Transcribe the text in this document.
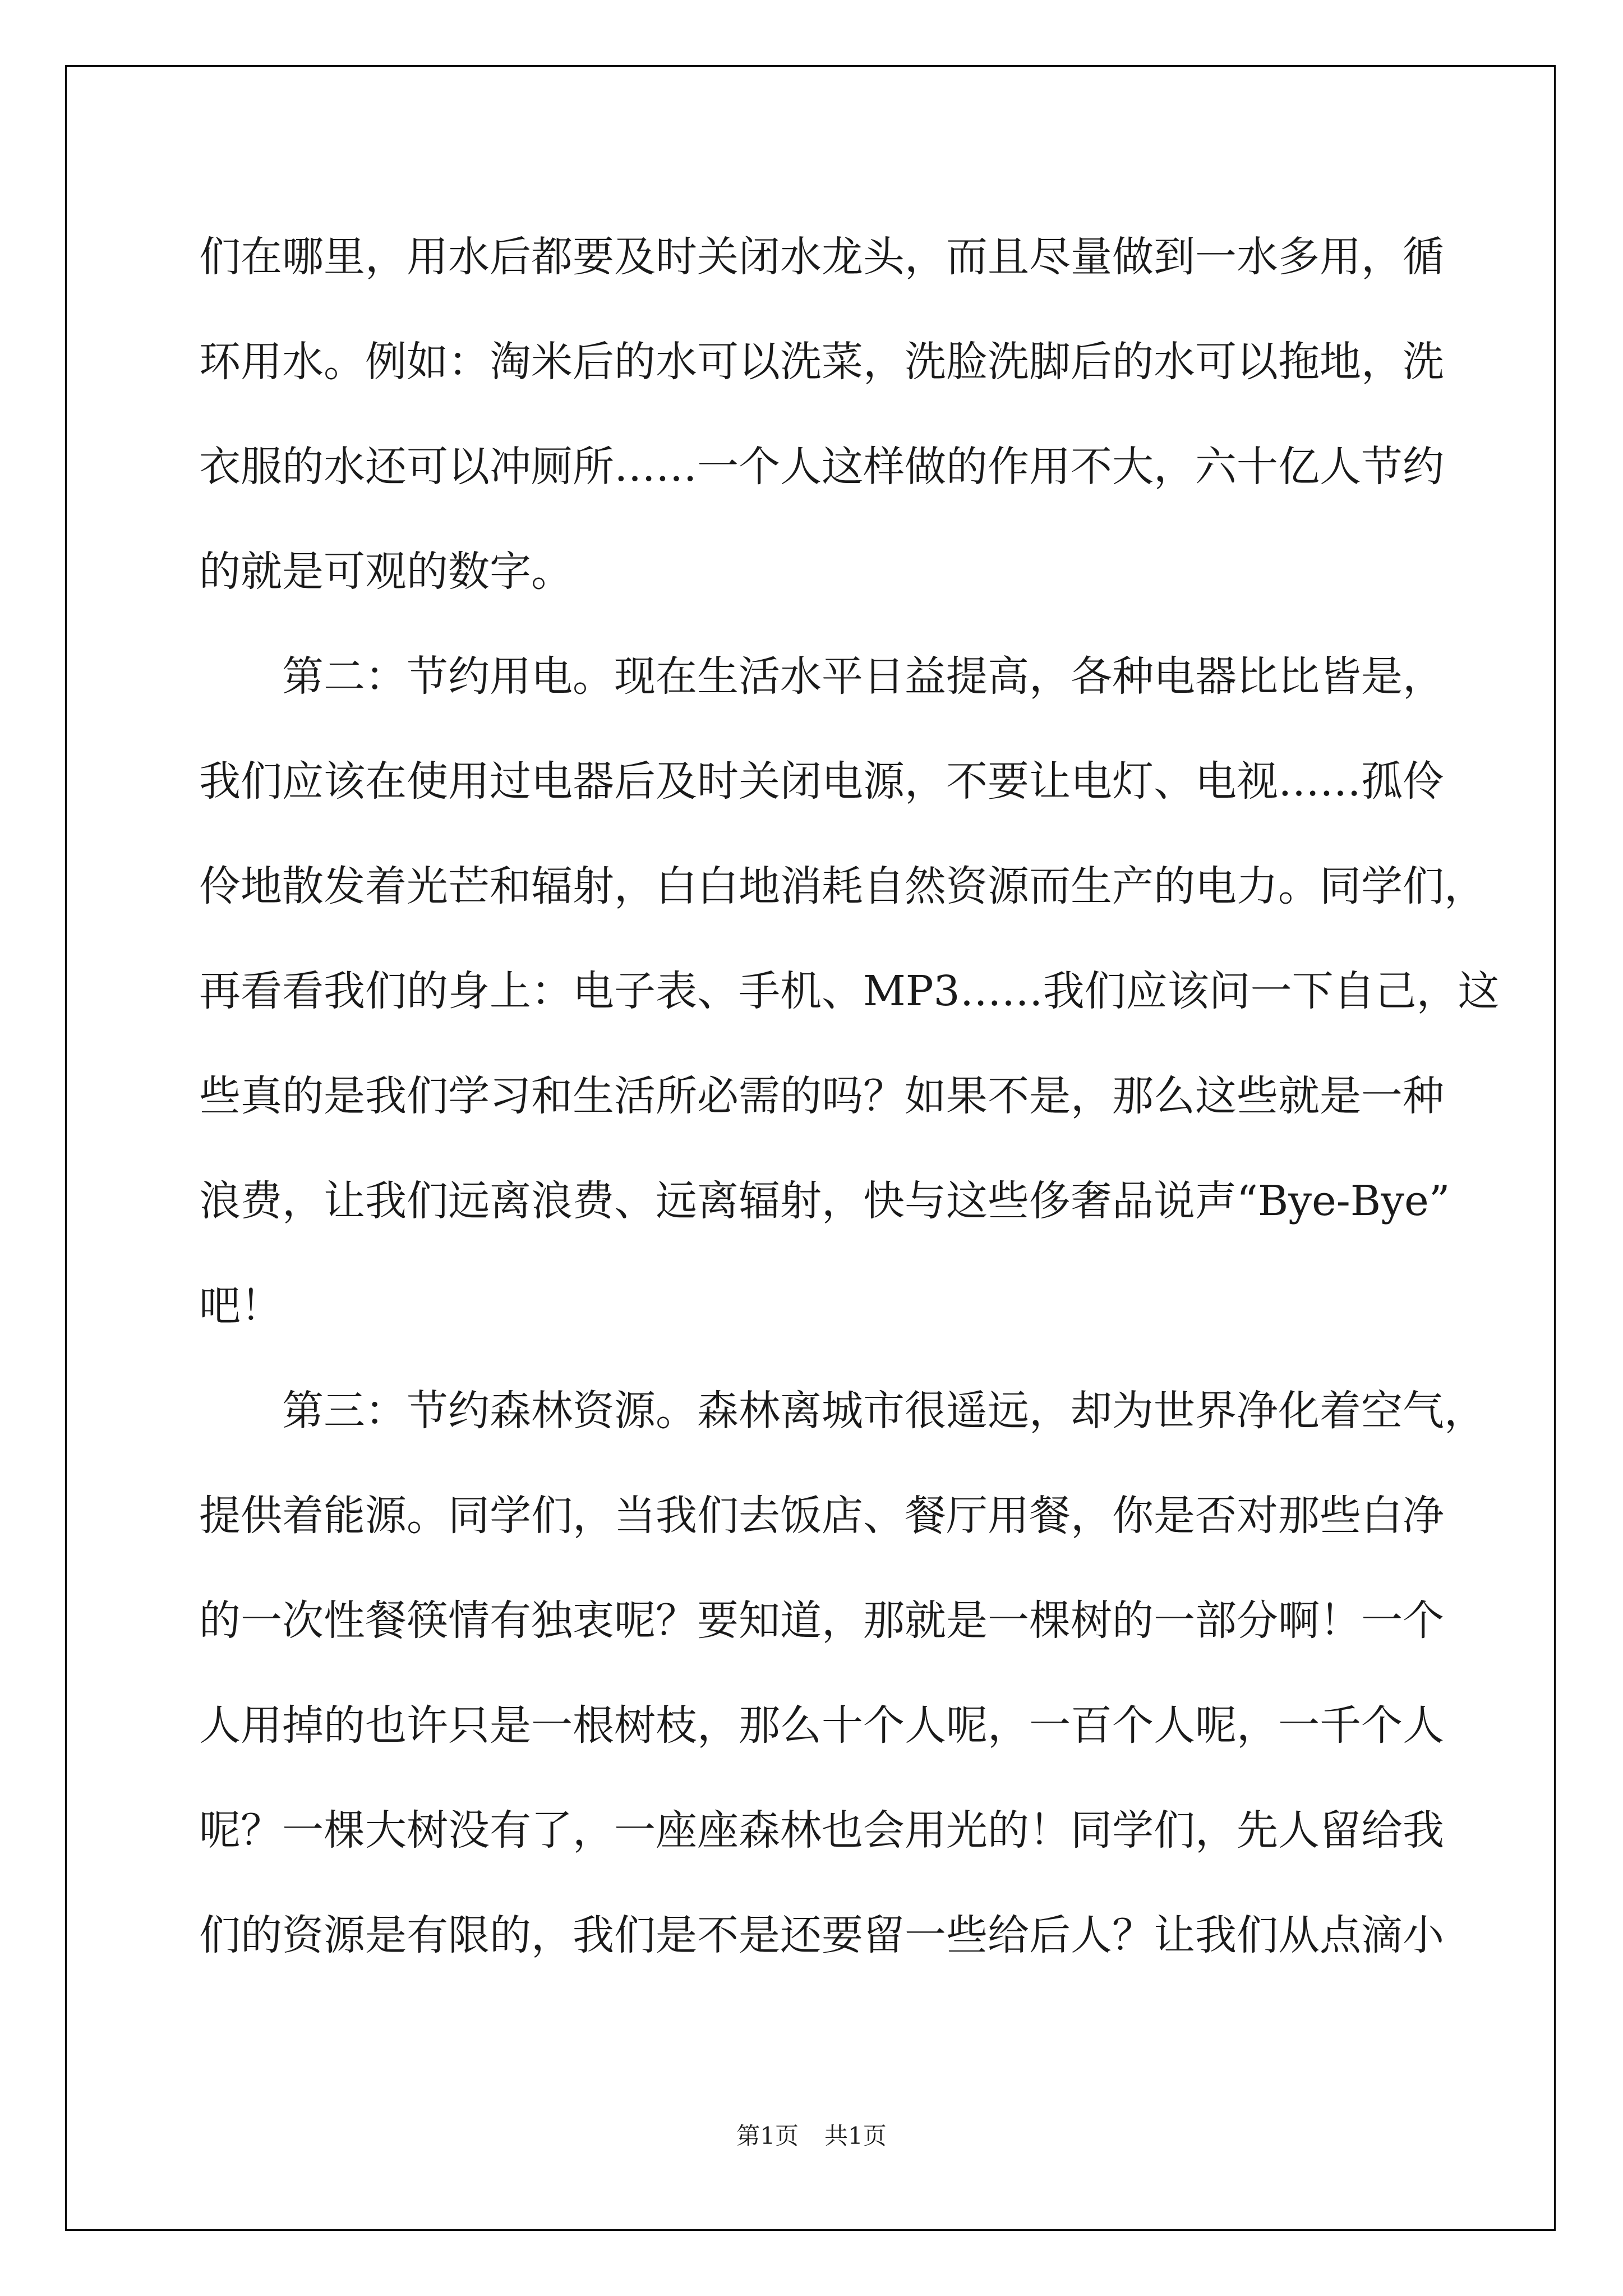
们在哪里，用水后都要及时关闭水龙头，而且尽量做到一水多用，循
环用水。例如：淘米后的水可以洗菜，洗脸洗脚后的水可以拖地，洗
衣服的水还可以冲厕所……一个人这样做的作用不大，六十亿人节约
的就是可观的数字。
第二：节约用电。现在生活水平日益提高，各种电器比比皆是，
我们应该在使用过电器后及时关闭电源，不要让电灯、电视……孤伶
伶地散发着光芒和辐射，白白地消耗自然资源而生产的电力。同学们，
再看看我们的身上：电子表、手机、MP3……我们应该问一下自己，这
些真的是我们学习和生活所必需的吗？如果不是，那么这些就是一种
浪费，让我们远离浪费、远离辐射，快与这些侈奢品说声“Bye-Bye”
吧！
第三：节约森林资源。森林离城市很遥远，却为世界净化着空气，
提供着能源。同学们，当我们去饭店、餐厅用餐，你是否对那些白净
的一次性餐筷情有独衷呢？要知道，那就是一棵树的一部分啊！一个
人用掉的也许只是一根树枝，那么十个人呢，一百个人呢，一千个人
呢？一棵大树没有了，一座座森林也会用光的！同学们，先人留给我
们的资源是有限的，我们是不是还要留一些给后人？让我们从点滴小
第1页 共1页
